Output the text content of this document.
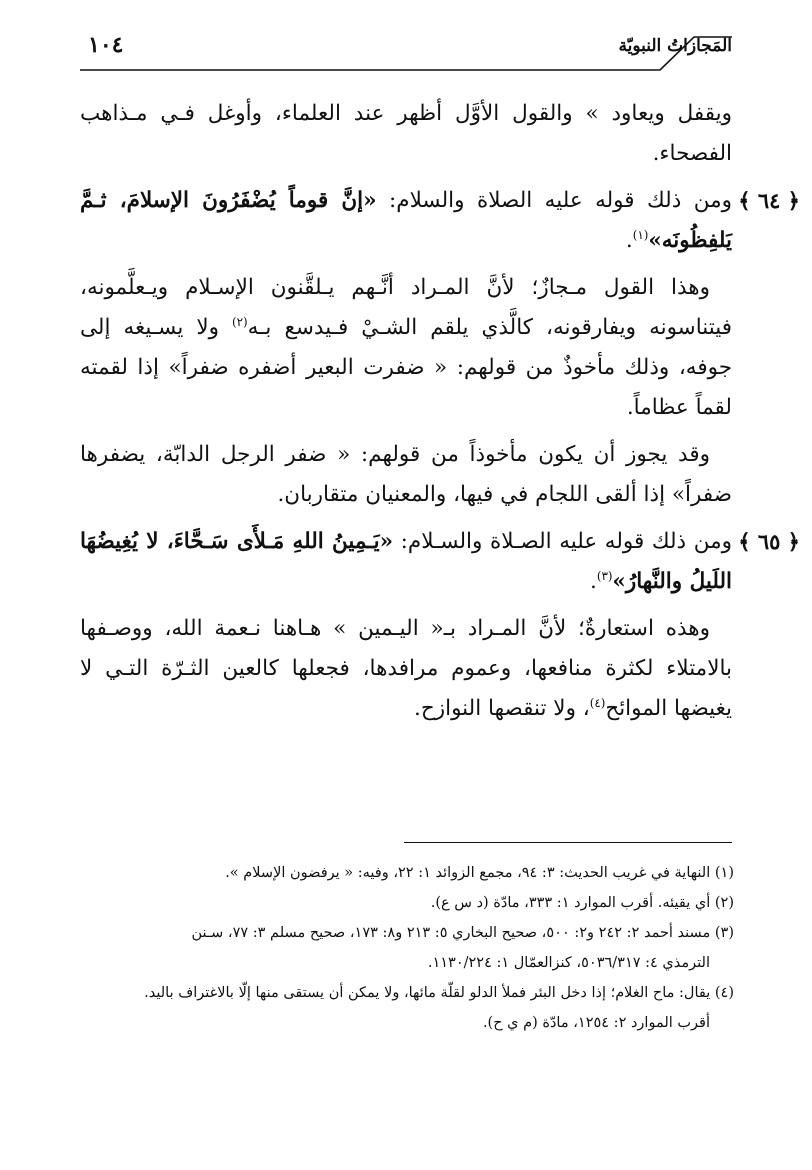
المَجازاتُ النبويّة
١٠٤

ويقفل ويعاود » والقول الأوَّل أظهر عند العلماء، وأوغل فـي مـذاهب الفصحاء.

﴿ ٦٤ ﴾
ومن ذلك قوله عليه الصلاة والسلام: «إنَّ قوماً يُضْفَرُونَ الإسلامَ، ثـمَّ يَلفِظُونَه»$^{(١)}$.

وهذا القول مـجازٌ؛ لأنَّ المـراد أنَّـهم يـلقَّنون الإسـلام ويـعلَّمونه، فيتناسونه ويفارقونه، كالَّذي يلقم الشـيْ فـيدسع بـه$^{(٢)}$ ولا يسـيغه إلى جوفه، وذلك مأخوذٌ من قولهم: « ضفرت البعير أضفره ضفراً» إذا لقمته لقماً عظاماً.

وقد يجوز أن يكون مأخوذاً من قولهم: « ضفر الرجل الدابّة، يضفرها ضفراً» إذا ألقى اللجام في فيها، والمعنيان متقاربان.

﴿ ٦٥ ﴾
ومن ذلك قوله عليه الصـلاة والسـلام: «يَـمِينُ اللهِ مَـلأَى سَـحَّاءَ، لا يُغِيضُهَا اللَيلُ والنَّهارُ»$^{(٣)}$.

وهذه استعارةٌ؛ لأنَّ المـراد بـ« اليـمين » هـاهنا نـعمة الله، ووصـفها بالامتلاء لكثرة منافعها، وعموم مرافدها، فجعلها كالعين الثـرّة التـي لا يغيضها الموائح$^{(٤)}$، ولا تنقصها النوازح.

(١) النهاية في غريب الحديث: ٣: ٩٤، مجمع الزوائد ١: ٢٢، وفيه: « يرفضون الإسلام ».

(٢) أي يقيئه. أقرب الموارد ١: ٣٣٣، مادّة (د س ع).

(٣) مسند أحمد ٢: ٢٤٢ و٢: ٥٠٠، صحيح البخاري ٥: ٢١٣ و٨: ١٧٣، صحيح مسلم ٣: ٧٧، سـنن

الترمذي ٤: ٥٠٣٦/٣١٧، كنزالعمّال ١: ١١٣٠/٢٢٤.

(٤) يقال: ماح الغلام؛ إذا دخل البئر فملأ الدلو لقلّة مائها، ولا يمكن أن يستقى منها إلّا بالاغتراف باليد.

أقرب الموارد ٢: ١٢٥٤، مادّة (م ي ح).
